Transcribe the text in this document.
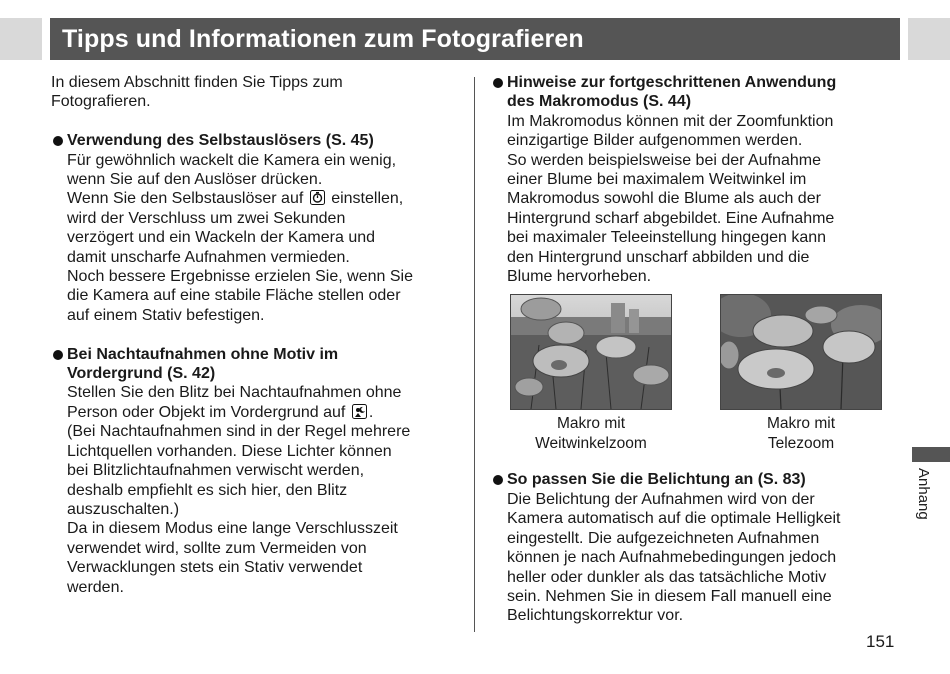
Tipps und Informationen zum Fotografieren

In diesem Abschnitt finden Sie Tipps zum
Fotografieren.

Verwendung des Selbstauslösers (S. 45)
Für gewöhnlich wackelt die Kamera ein wenig,
wenn Sie auf den Auslöser drücken.
Wenn Sie den Selbstauslöser auf einstellen,
wird der Verschluss um zwei Sekunden
verzögert und ein Wackeln der Kamera und
damit unscharfe Aufnahmen vermieden.
Noch bessere Ergebnisse erzielen Sie, wenn Sie
die Kamera auf eine stabile Fläche stellen oder
auf einem Stativ befestigen.
Bei Nachtaufnahmen ohne Motiv im
Vordergrund (S. 42)
Stellen Sie den Blitz bei Nachtaufnahmen ohne
Person oder Objekt im Vordergrund auf .
(Bei Nachtaufnahmen sind in der Regel mehrere
Lichtquellen vorhanden. Diese Lichter können
bei Blitzlichtaufnahmen verwischt werden,
deshalb empfiehlt es sich hier, den Blitz
auszuschalten.)
Da in diesem Modus eine lange Verschlusszeit
verwendet wird, sollte zum Vermeiden von
Verwacklungen stets ein Stativ verwendet
werden.
Hinweise zur fortgeschrittenen Anwendung
des Makromodus (S. 44)
Im Makromodus können mit der Zoomfunktion
einzigartige Bilder aufgenommen werden.
So werden beispielsweise bei der Aufnahme
einer Blume bei maximalem Weitwinkel im
Makromodus sowohl die Blume als auch der
Hintergrund scharf abgebildet. Eine Aufnahme
bei maximaler Teleeinstellung hingegen kann
den Hintergrund unscharf abbilden und die
Blume hervorheben.
Makro mit
Weitwinkelzoom
Makro mit
Telezoom
So passen Sie die Belichtung an (S. 83)
Die Belichtung der Aufnahmen wird von der
Kamera automatisch auf die optimale Helligkeit
eingestellt. Die aufgezeichneten Aufnahmen
können je nach Aufnahmebedingungen jedoch
heller oder dunkler als das tatsächliche Motiv
sein. Nehmen Sie in diesem Fall manuell eine
Belichtungskorrektur vor.
Anhang
151
